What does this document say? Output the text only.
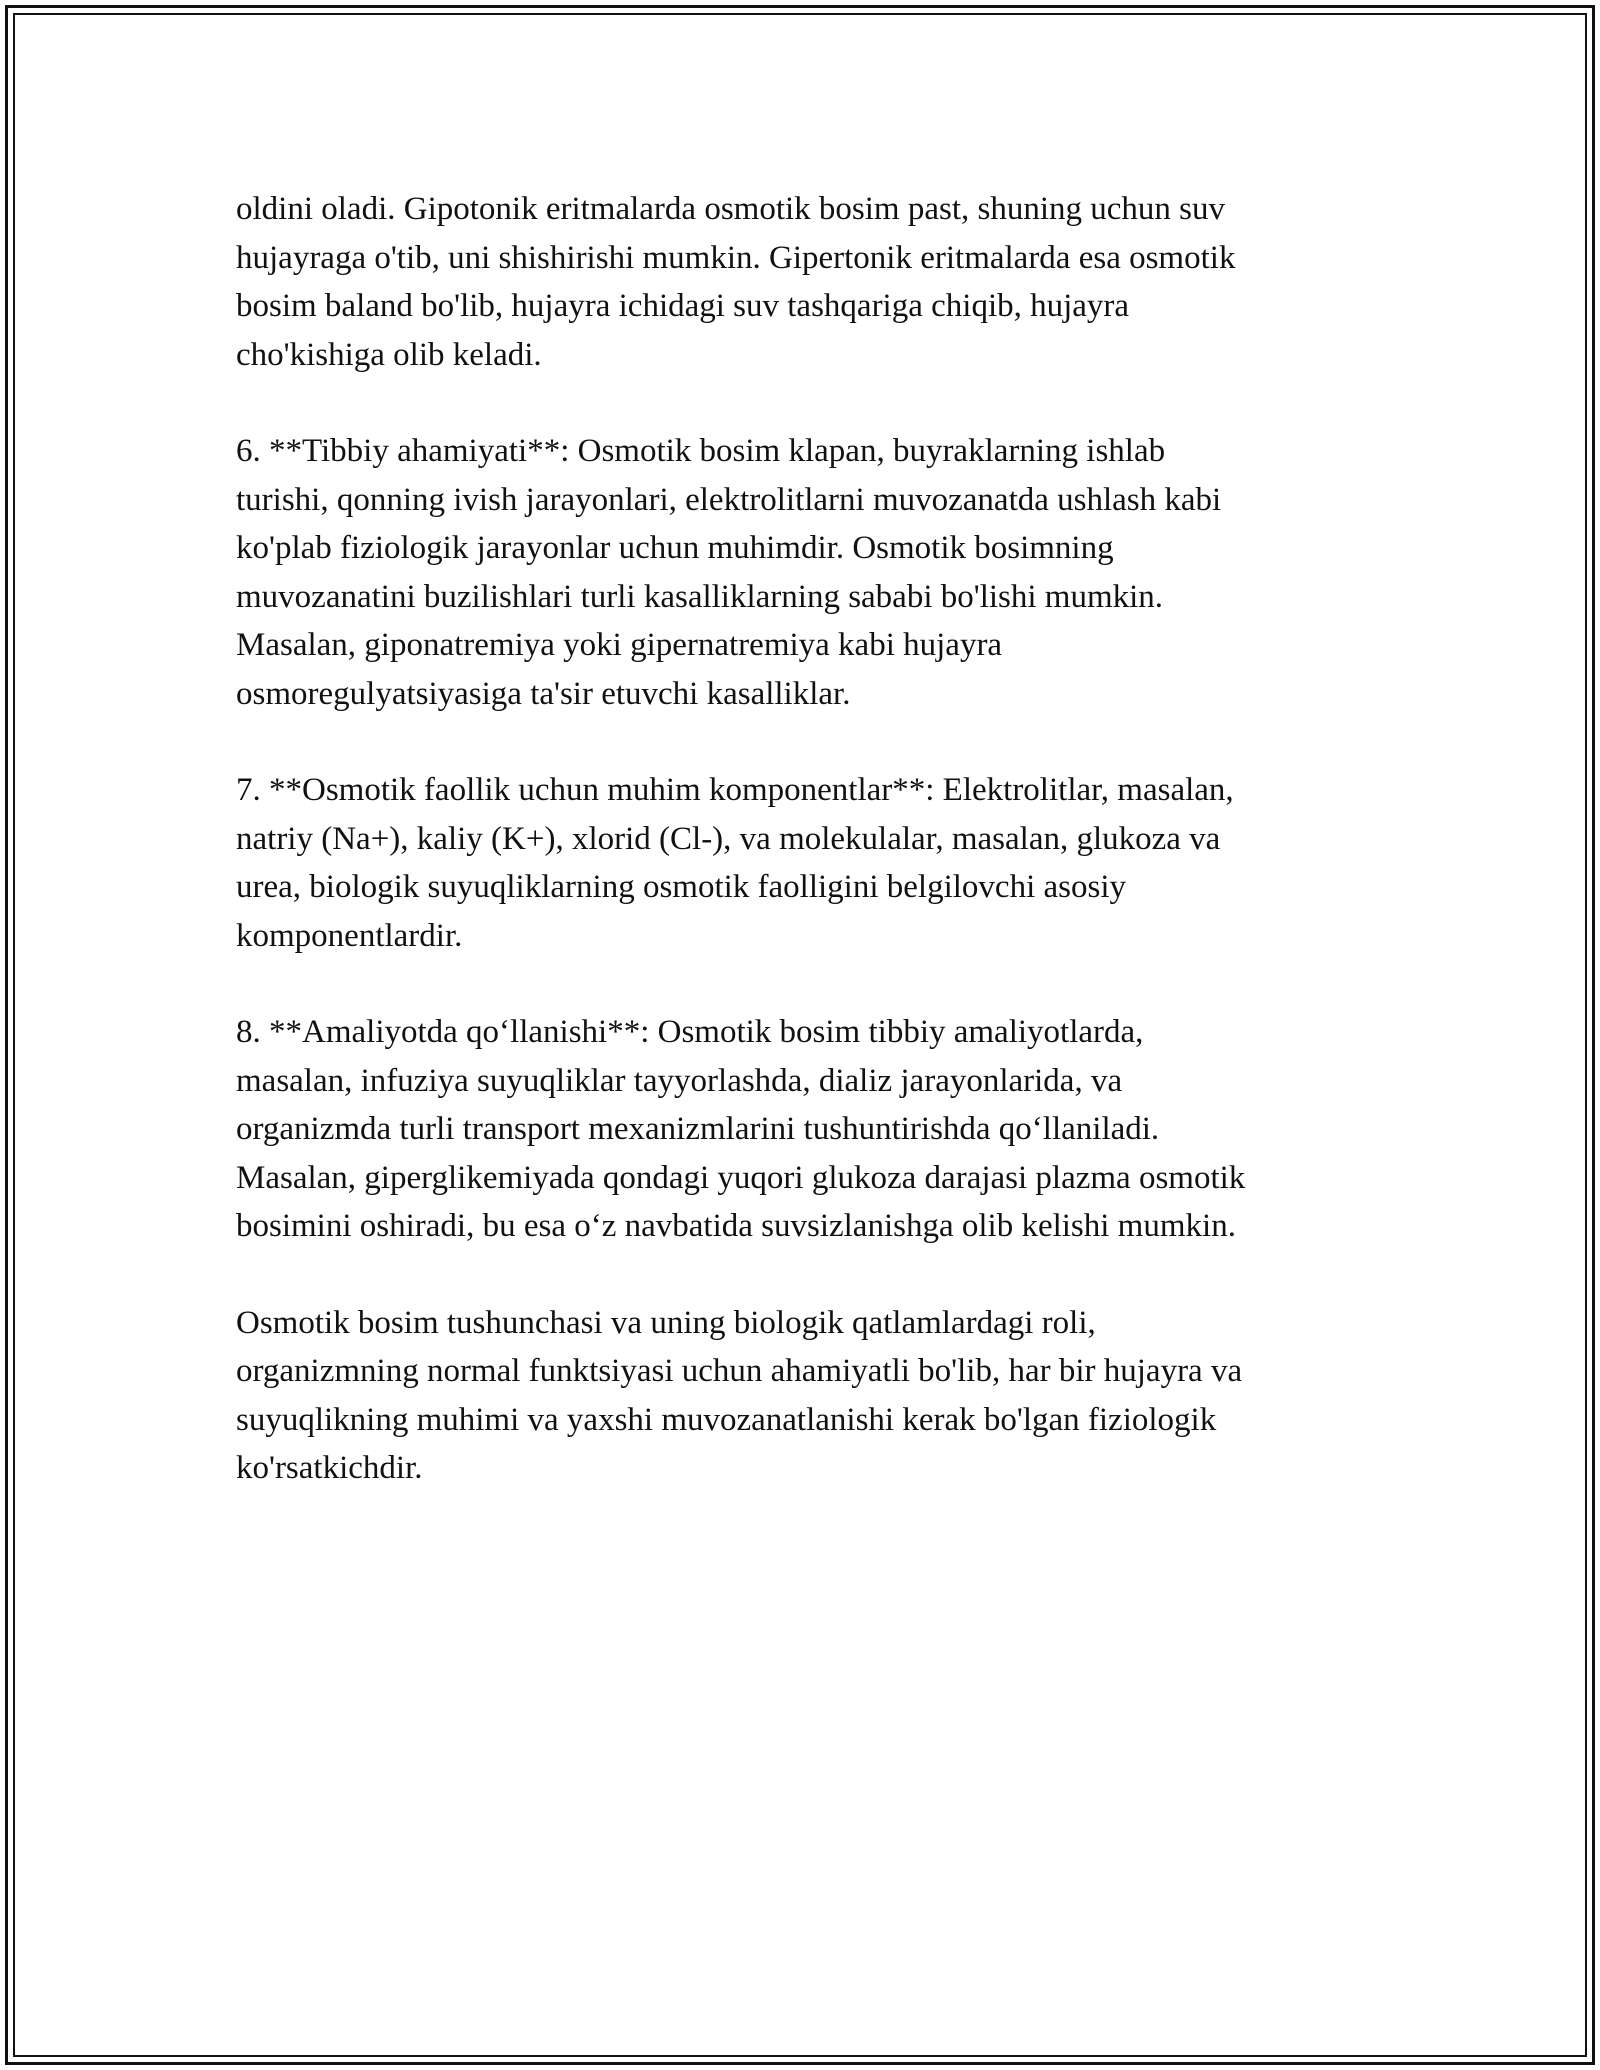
oldini oladi. Gipotonik eritmalarda osmotik bosim past, shuning uchun suv
hujayraga o'tib, uni shishirishi mumkin. Gipertonik eritmalarda esa osmotik
bosim baland bo'lib, hujayra ichidagi suv tashqariga chiqib, hujayra
cho'kishiga olib keladi.

6. **Tibbiy ahamiyati**: Osmotik bosim klapan, buyraklarning ishlab
turishi, qonning ivish jarayonlari, elektrolitlarni muvozanatda ushlash kabi
ko'plab fiziologik jarayonlar uchun muhimdir. Osmotik bosimning
muvozanatini buzilishlari turli kasalliklarning sababi bo'lishi mumkin.
Masalan, giponatremiya yoki gipernatremiya kabi hujayra
osmoregulyatsiyasiga ta'sir etuvchi kasalliklar.

7. **Osmotik faollik uchun muhim komponentlar**: Elektrolitlar, masalan,
natriy (Na+), kaliy (K+), xlorid (Cl-), va molekulalar, masalan, glukoza va
urea, biologik suyuqliklarning osmotik faolligini belgilovchi asosiy
komponentlardir.

8. **Amaliyotda qo‘llanishi**: Osmotik bosim tibbiy amaliyotlarda,
masalan, infuziya suyuqliklar tayyorlashda, dializ jarayonlarida, va
organizmda turli transport mexanizmlarini tushuntirishda qo‘llaniladi.
Masalan, giperglikemiyada qondagi yuqori glukoza darajasi plazma osmotik
bosimini oshiradi, bu esa o‘z navbatida suvsizlanishga olib kelishi mumkin.

Osmotik bosim tushunchasi va uning biologik qatlamlardagi roli,
organizmning normal funktsiyasi uchun ahamiyatli bo'lib, har bir hujayra va
suyuqlikning muhimi va yaxshi muvozanatlanishi kerak bo'lgan fiziologik
ko'rsatkichdir.
